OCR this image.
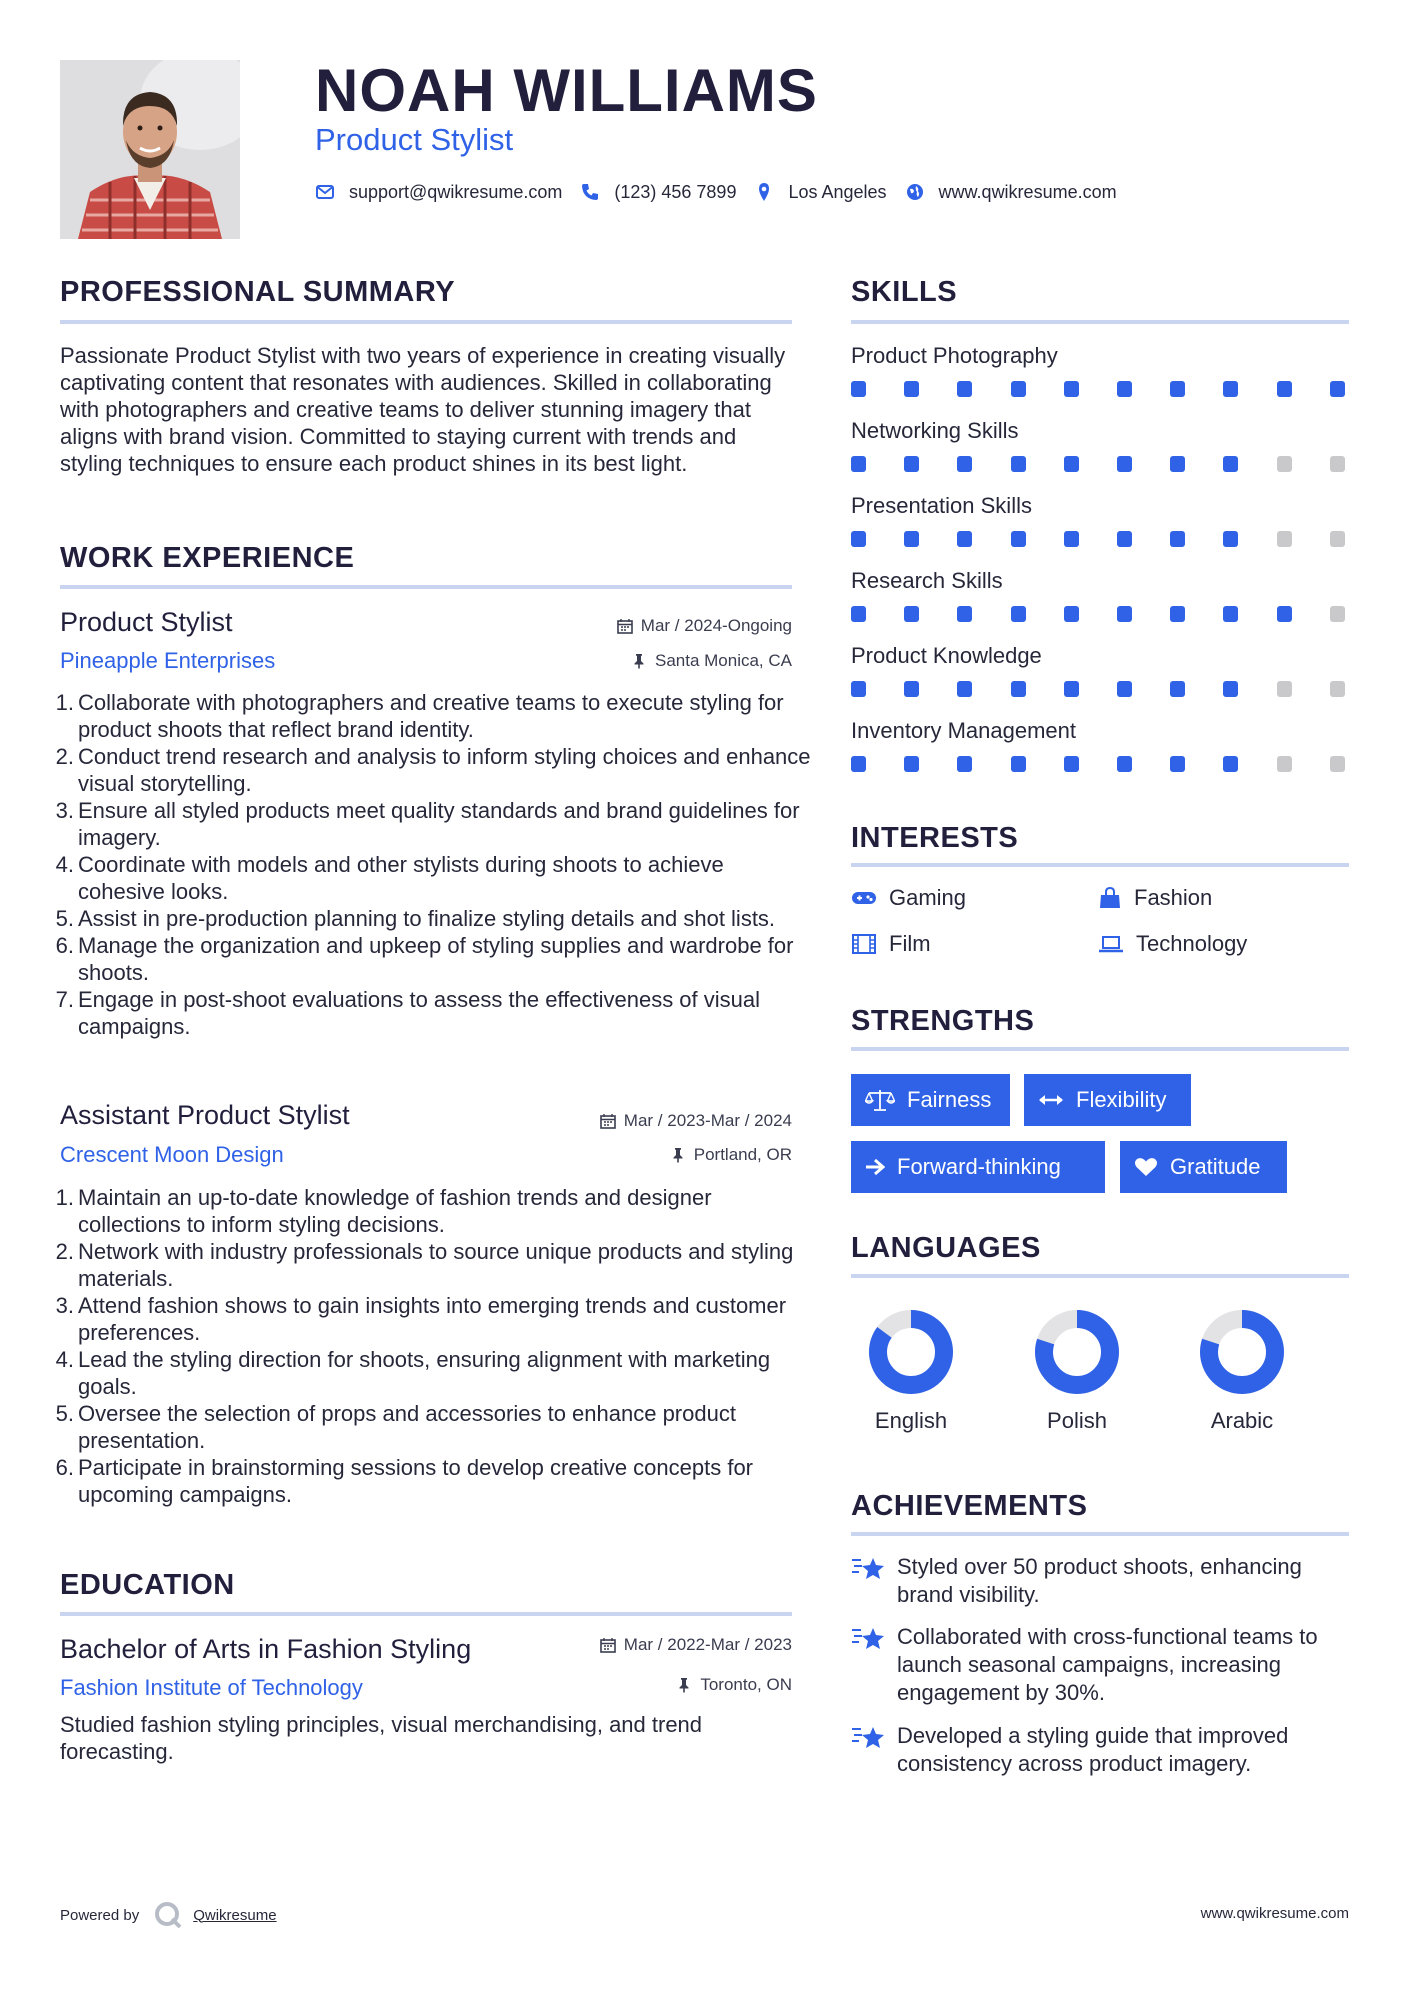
NOAH WILLIAMS
Product Stylist
support@qwikresume.com	(123) 456 7899	Los Angeles	www.qwikresume.com
PROFESSIONAL SUMMARY
Passionate Product Stylist with two years of experience in creating visually captivating content that resonates with audiences. Skilled in collaborating with photographers and creative teams to deliver stunning imagery that aligns with brand vision. Committed to staying current with trends and styling techniques to ensure each product shines in its best light.
WORK EXPERIENCE
Product Stylist	Mar / 2024-Ongoing
Pineapple Enterprises	Santa Monica, CA
Collaborate with photographers and creative teams to execute styling for product shoots that reflect brand identity.
Conduct trend research and analysis to inform styling choices and enhance visual storytelling.
Ensure all styled products meet quality standards and brand guidelines for imagery.
Coordinate with models and other stylists during shoots to achieve cohesive looks.
Assist in pre-production planning to finalize styling details and shot lists.
Manage the organization and upkeep of styling supplies and wardrobe for shoots.
Engage in post-shoot evaluations to assess the effectiveness of visual campaigns.
Assistant Product Stylist	Mar / 2023-Mar / 2024
Crescent Moon Design	Portland, OR
Maintain an up-to-date knowledge of fashion trends and designer collections to inform styling decisions.
Network with industry professionals to source unique products and styling materials.
Attend fashion shows to gain insights into emerging trends and customer preferences.
Lead the styling direction for shoots, ensuring alignment with marketing goals.
Oversee the selection of props and accessories to enhance product presentation.
Participate in brainstorming sessions to develop creative concepts for upcoming campaigns.
EDUCATION
Bachelor of Arts in Fashion Styling	Mar / 2022-Mar / 2023
Fashion Institute of Technology	Toronto, ON
Studied fashion styling principles, visual merchandising, and trend forecasting.
SKILLS
Product Photography
Networking Skills
Presentation Skills
Research Skills
Product Knowledge
Inventory Management
INTERESTS
Gaming	Fashion
Film	Technology
STRENGTHS
Fairness	Flexibility
Forward-thinking	Gratitude
LANGUAGES
English	Polish	Arabic
ACHIEVEMENTS
Styled over 50 product shoots, enhancing brand visibility.
Collaborated with cross-functional teams to launch seasonal campaigns, increasing engagement by 30%.
Developed a styling guide that improved consistency across product imagery.
Powered by	Qwikresume	www.qwikresume.com
